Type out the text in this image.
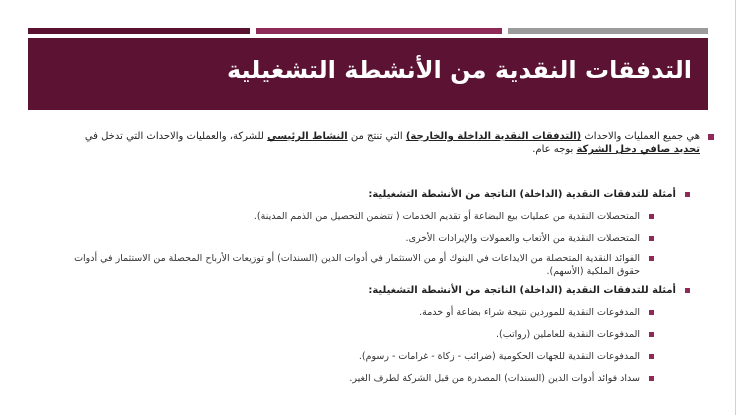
التدفقات النقدية من الأنشطة التشغيلية
هي جميع العمليات والاحداث (التدفقات النقدية الداخلة والخارجة) التي تنتج من النشاط الرئيسي للشركة، والعمليات والاحداث التي تدخل في تحديد صافي دخل الشركة بوجه عام.
أمثلة للتدفقات النقدية (الداخلة) الناتجة من الأنشطة التشغيلية:
المتحصلات النقدية من عمليات بيع البضاعة أو تقديم الخدمات ( تتضمن التحصيل من الذمم المدينة).
المتحصلات النقدية من الأتعاب والعمولات والإيرادات الأخرى.
الفوائد النقدية المتحصلة من الايداعات في البنوك أو من الاستثمار في أدوات الدين (السندات) أو توزيعات الأرباح المحصلة من الاستثمار في أدوات حقوق الملكية (الأسهم).
أمثلة للتدفقات النقدية (الداخلة) الناتجة من الأنشطة التشغيلية:
المدفوعات النقدية للموردين نتيجة شراء بضاعة أو خدمة.
المدفوعات النقدية للعاملين (رواتب).
المدفوعات النقدية للجهات الحكومية (ضرائب - زكاة - غرامات - رسوم).
سداد فوائد أدوات الدين (السندات) المصدرة من قبل الشركة لطرف الغير.
